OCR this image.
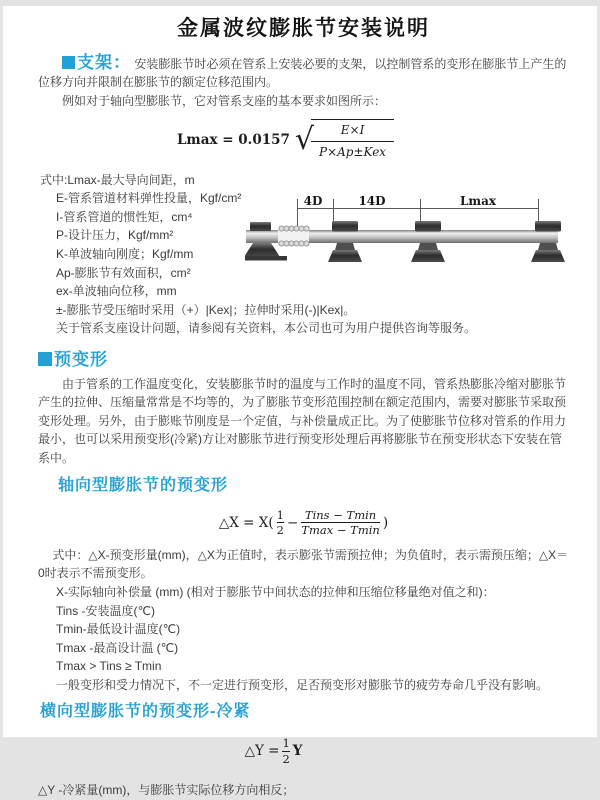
金属波纹膨胀节安装说明

支架： 安装膨胀节时必须在管系上安装必要的支架，以控制管系的变形在膨胀节上产生的位移方向并限制在膨胀节的额定位移范围内。

例如对于轴向型膨胀节，它对管系支座的基本要求如图所示：

Lmax = 0.0157 √
$\frac{E\times I}{\text{P×Ap±Kex}}$
式中:Lmax-最大导向间距，m
E-管系管道材料弹性投量，Kgf/cm²
I-管系管道的惯性矩，cm⁴
P-设计压力，Kgf/mm²
K-单波轴向刚度；Kgf/mm
Ap-膨胀节有效面积，cm²
ex-单波轴向位移，mm
±-膨胀节受压缩时采用（+）|Kex|；拉伸时采用(-)|Kex|。

关于管系支座设计问题，请参阅有关资料，本公司也可为用户提供咨询等服务。

4D	14D	Lmax
预变形

由于管系的工作温度变化，安装膨胀节时的温度与工作时的温度不同，管系热膨胀冷缩对膨胀节产生的拉伸、压缩量常常是不均等的，为了膨胀节变形范围控制在额定范围内，需要对膨胀节采取预变形处理。另外，由于膨账节刚度是一个定值，与补偿量成正比。为了使膨胀节位移对管系的作用力最小，也可以采用预变形(冷紧)方让对膨胀节进行预变形处理后再将膨胀节在预变形状态下安装在管系中。

轴向型膨胀节的预变形
△X = $X( \frac{1}{2} - \frac{\text{Tins − Tmin}}{Tmax - Tmin}$ )

式中：△X-预变形量(mm)，△X为正值时，表示膨张节需预拉伸；为负值时，表示需预压缩；△X＝0时表示不需预变形。

X-实际轴向补偿量 (mm) (相对于膨胀节中间状态的拉伸和压缩位移量绝对值之和)：
Tins -安装温度(℃)
Tmin-最低设计温度(℃)
Tmax -最高设计温 (℃)
Tmax > Tins ≥ Tmin

一般变形和受力情况下，不一定进行预变形，足否预变形对膨胀节的疲劳寿命几乎没有影响。

横向型膨胀节的预变形-冷紧
△Y = $\frac{1}{2}$ Y

△Y -冷紧量(mm)，与膨胀节实际位移方向相反；
